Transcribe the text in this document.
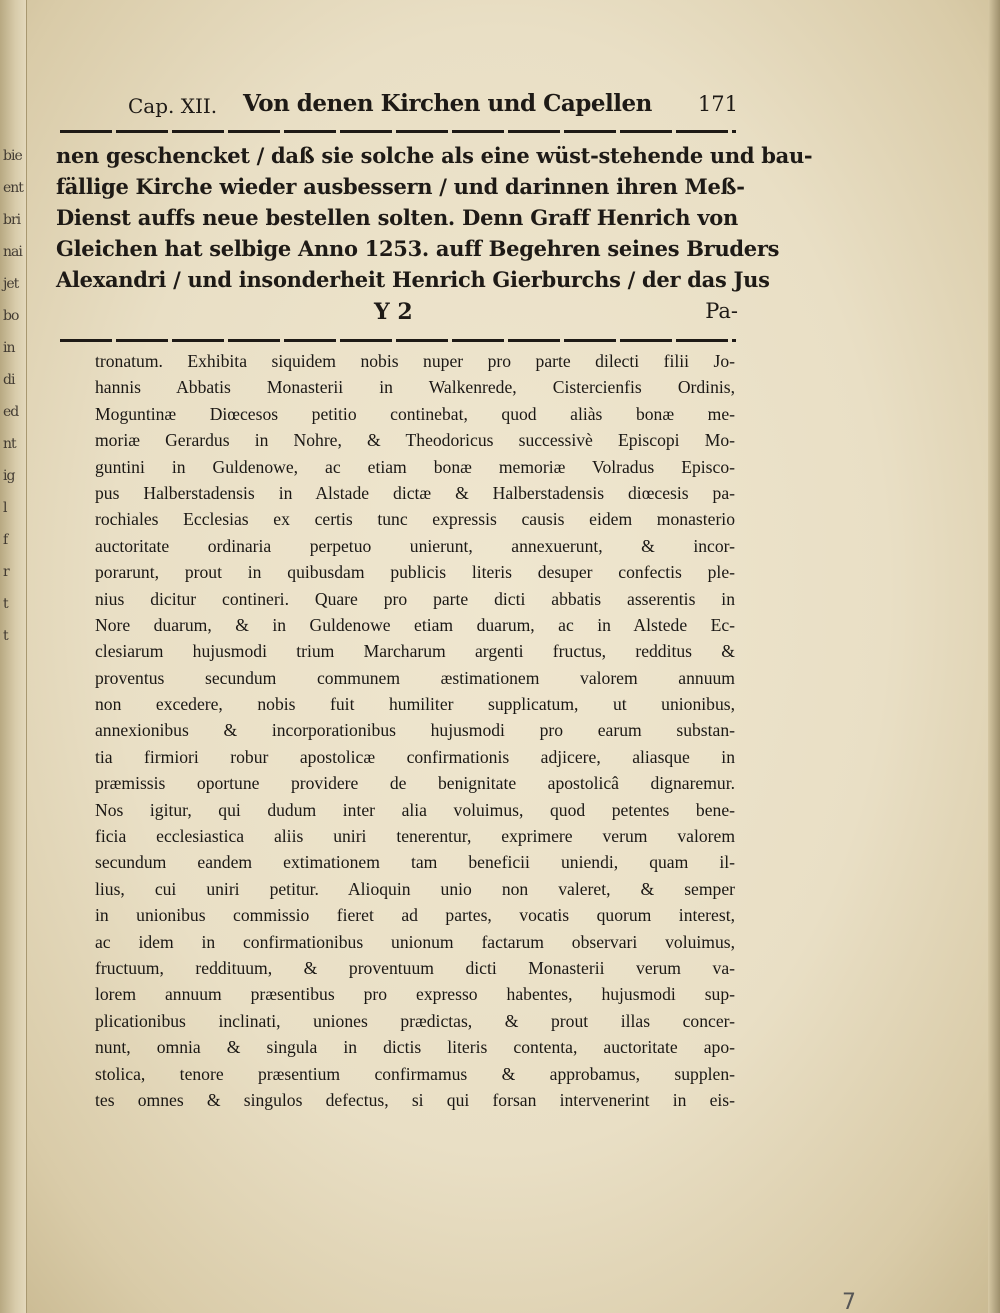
bie
ent
bri
nai
jet
bo
in
di
ed
nt
ig
l
f
r
t
t
Cap. XII. Von denen Kirchen und Capellen 171
nen geschencket / daß sie solche als eine wüst-stehende und bau-
fällige Kirche wieder ausbessern / und darinnen ihren Meß-
Dienst auffs neue bestellen solten. Denn Graff Henrich von
Gleichen hat selbige Anno 1253. auff Begehren seines Bruders
Alexandri / und insonderheit Henrich Gierburchs / der das Jus
Y 2	Pa-
tronatum. Exhibita siquidem nobis nuper pro parte dilecti filii Jo-
hannis Abbatis Monasterii in Walkenrede, Cistercienfis Ordinis,
Moguntinæ Diœcesos petitio continebat, quod aliàs bonæ me-
moriæ Gerardus in Nohre, & Theodoricus successivè Episcopi Mo-
guntini in Guldenowe, ac etiam bonæ memoriæ Volradus Episco-
pus Halberstadensis in Alstade dictæ & Halberstadensis diœcesis pa-
rochiales Ecclesias ex certis tunc expressis causis eidem monasterio
auctoritate ordinaria perpetuo unierunt, annexuerunt, & incor-
porarunt, prout in quibusdam publicis literis desuper confectis ple-
nius dicitur contineri. Quare pro parte dicti abbatis asserentis in
Nore duarum, & in Guldenowe etiam duarum, ac in Alstede Ec-
clesiarum hujusmodi trium Marcharum argenti fructus, redditus &
proventus secundum communem æstimationem valorem annuum
non excedere, nobis fuit humiliter supplicatum, ut unionibus,
annexionibus & incorporationibus hujusmodi pro earum substan-
tia firmiori robur apostolicæ confirmationis adjicere, aliasque in
præmissis oportune providere de benignitate apostolicâ dignaremur.
Nos igitur, qui dudum inter alia voluimus, quod petentes bene-
ficia ecclesiastica aliis uniri tenerentur, exprimere verum valorem
secundum eandem extimationem tam beneficii uniendi, quam il-
lius, cui uniri petitur. Alioquin unio non valeret, & semper
in unionibus commissio fieret ad partes, vocatis quorum interest,
ac idem in confirmationibus unionum factarum observari voluimus,
fructuum, reddituum, & proventuum dicti Monasterii verum va-
lorem annuum præsentibus pro expresso habentes, hujusmodi sup-
plicationibus inclinati, uniones prædictas, & prout illas concer-
nunt, omnia & singula in dictis literis contenta, auctoritate apo-
stolica, tenore præsentium confirmamus & approbamus, supplen-
tes omnes & singulos defectus, si qui forsan intervenerint in eis-
7
